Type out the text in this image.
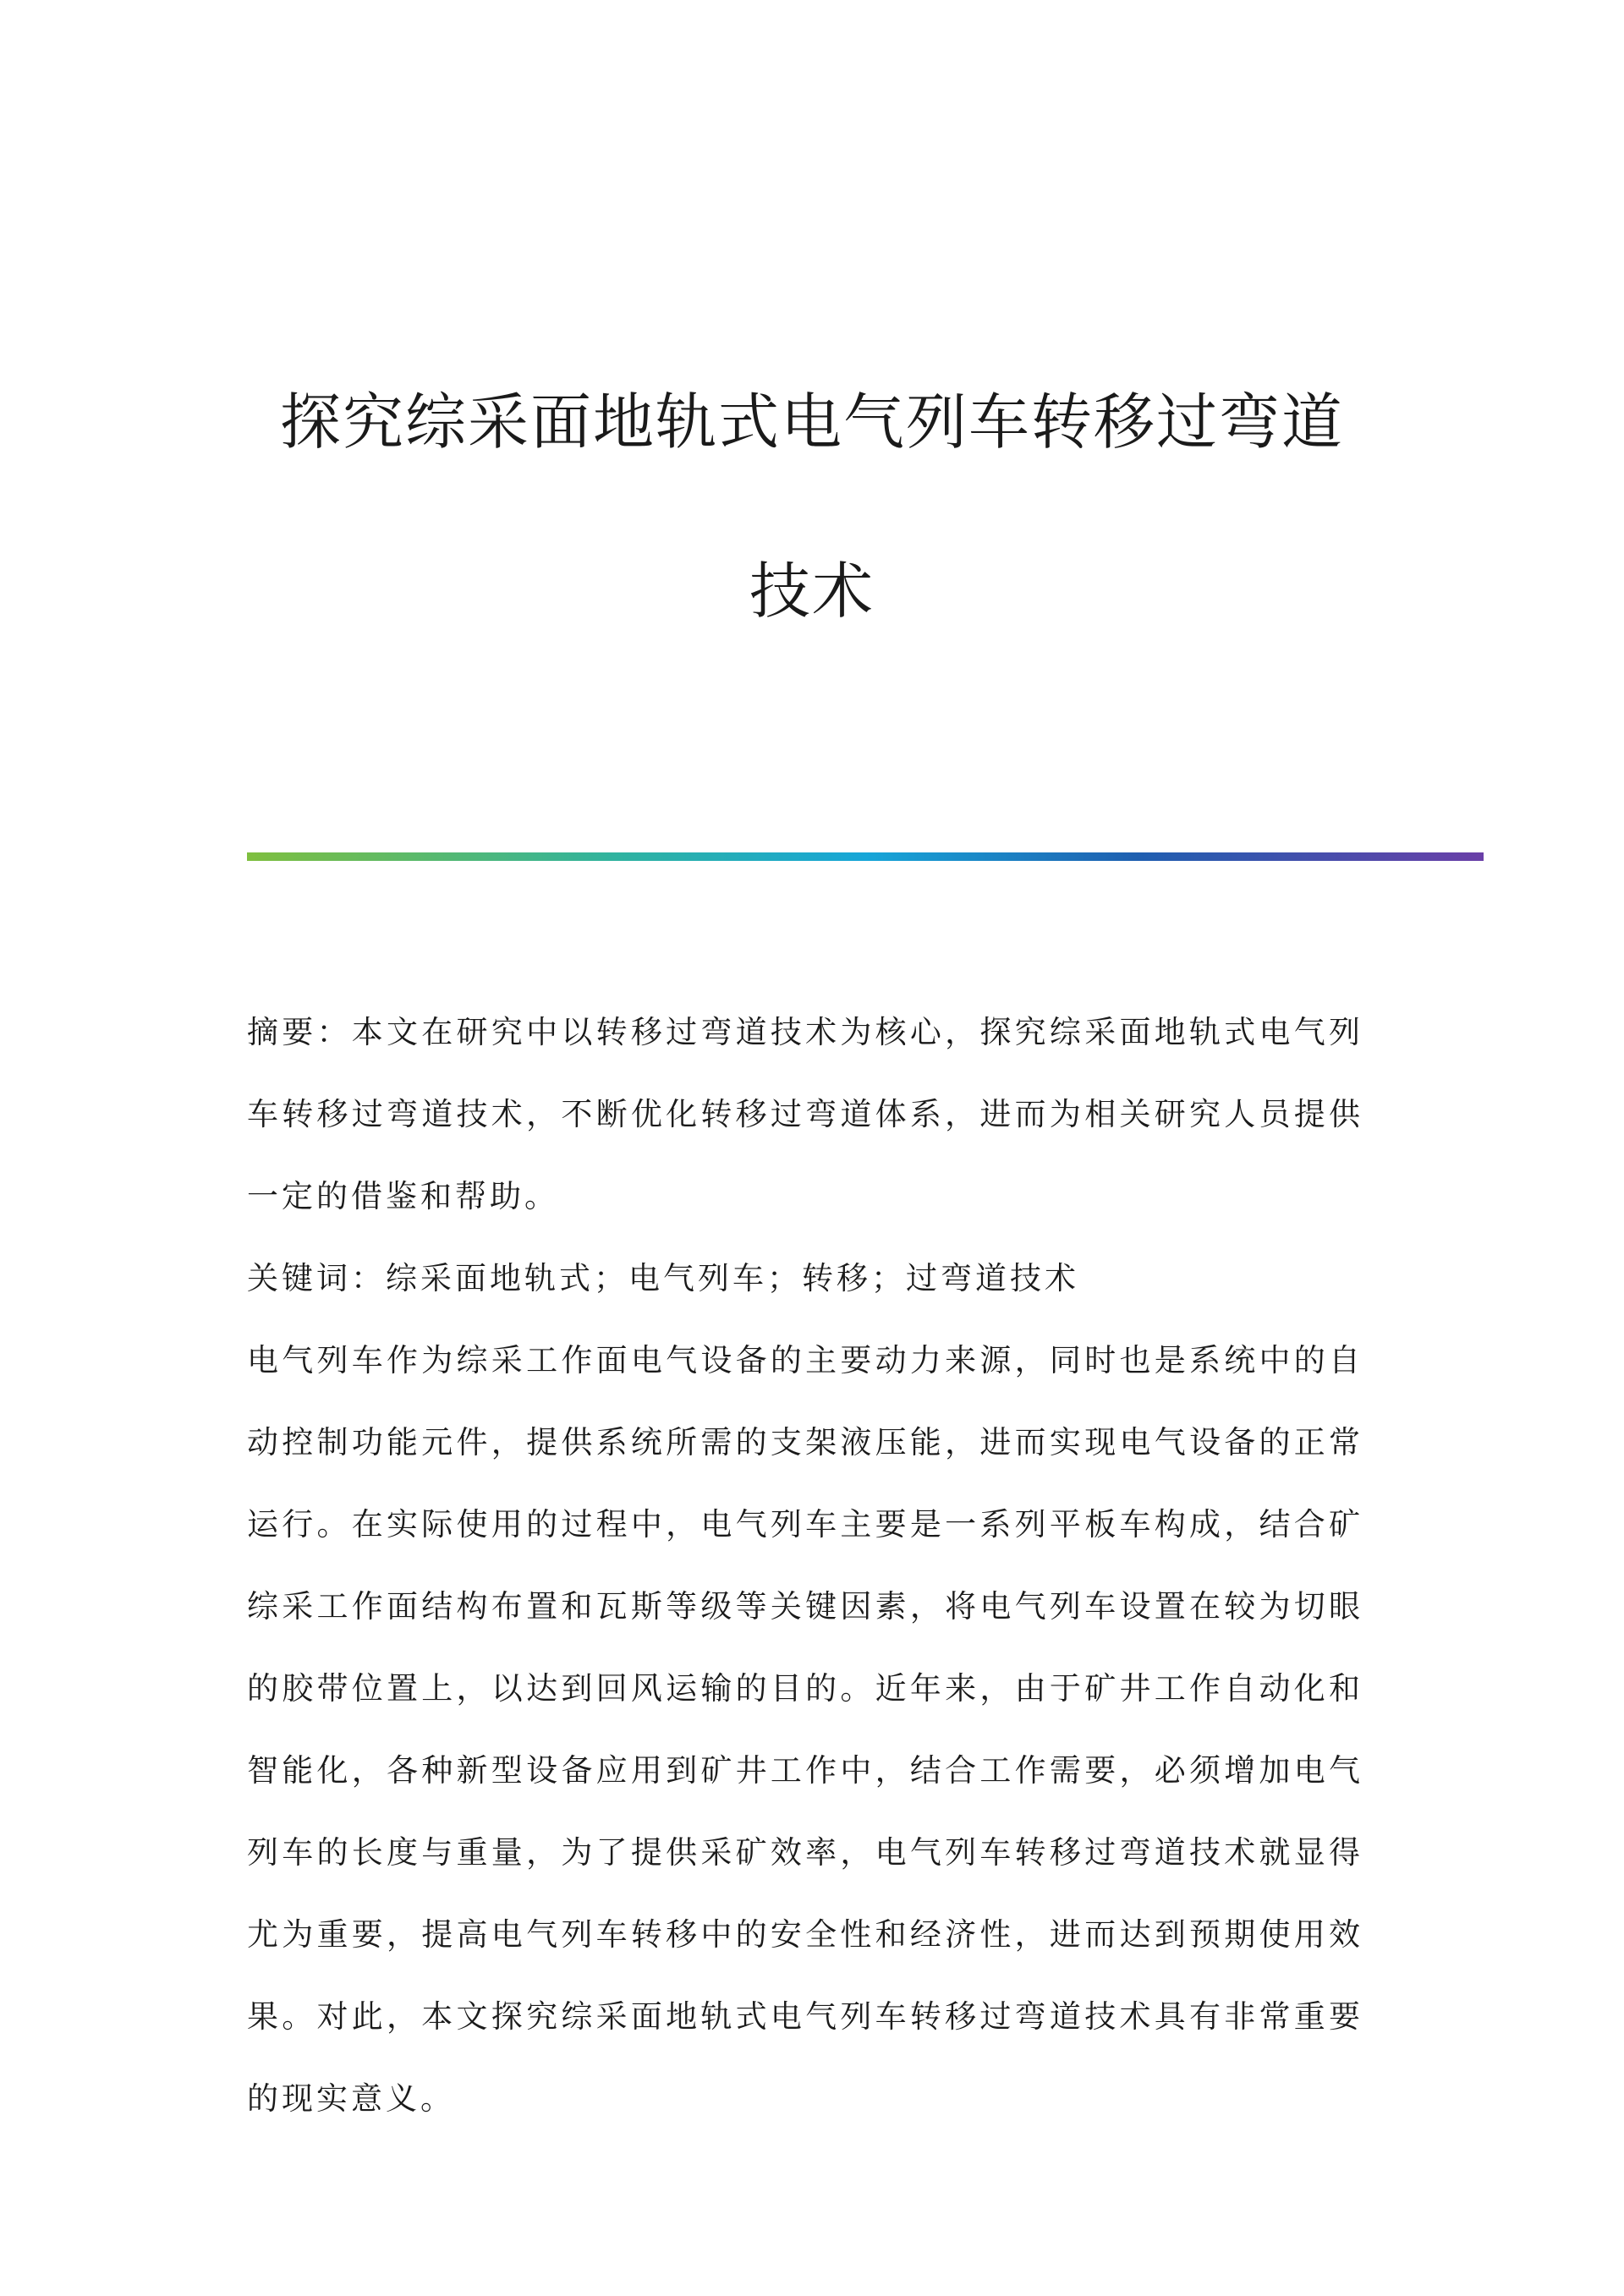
探究综采面地轨式电气列车转移过弯道
技术

摘要：本文在研究中以转移过弯道技术为核心，探究综采面地轨式电气列车转移过弯道技术，不断优化转移过弯道体系，进而为相关研究人员提供一定的借鉴和帮助。

关键词：综采面地轨式；电气列车；转移；过弯道技术

电气列车作为综采工作面电气设备的主要动力来源，同时也是系统中的自动控制功能元件，提供系统所需的支架液压能，进而实现电气设备的正常运行。在实际使用的过程中，电气列车主要是一系列平板车构成，结合矿综采工作面结构布置和瓦斯等级等关键因素，将电气列车设置在较为切眼的胶带位置上，以达到回风运输的目的。近年来，由于矿井工作自动化和智能化，各种新型设备应用到矿井工作中，结合工作需要，必须增加电气列车的长度与重量，为了提供采矿效率，电气列车转移过弯道技术就显得尤为重要，提高电气列车转移中的安全性和经济性，进而达到预期使用效果。对此，本文探究综采面地轨式电气列车转移过弯道技术具有非常重要的现实意义。
